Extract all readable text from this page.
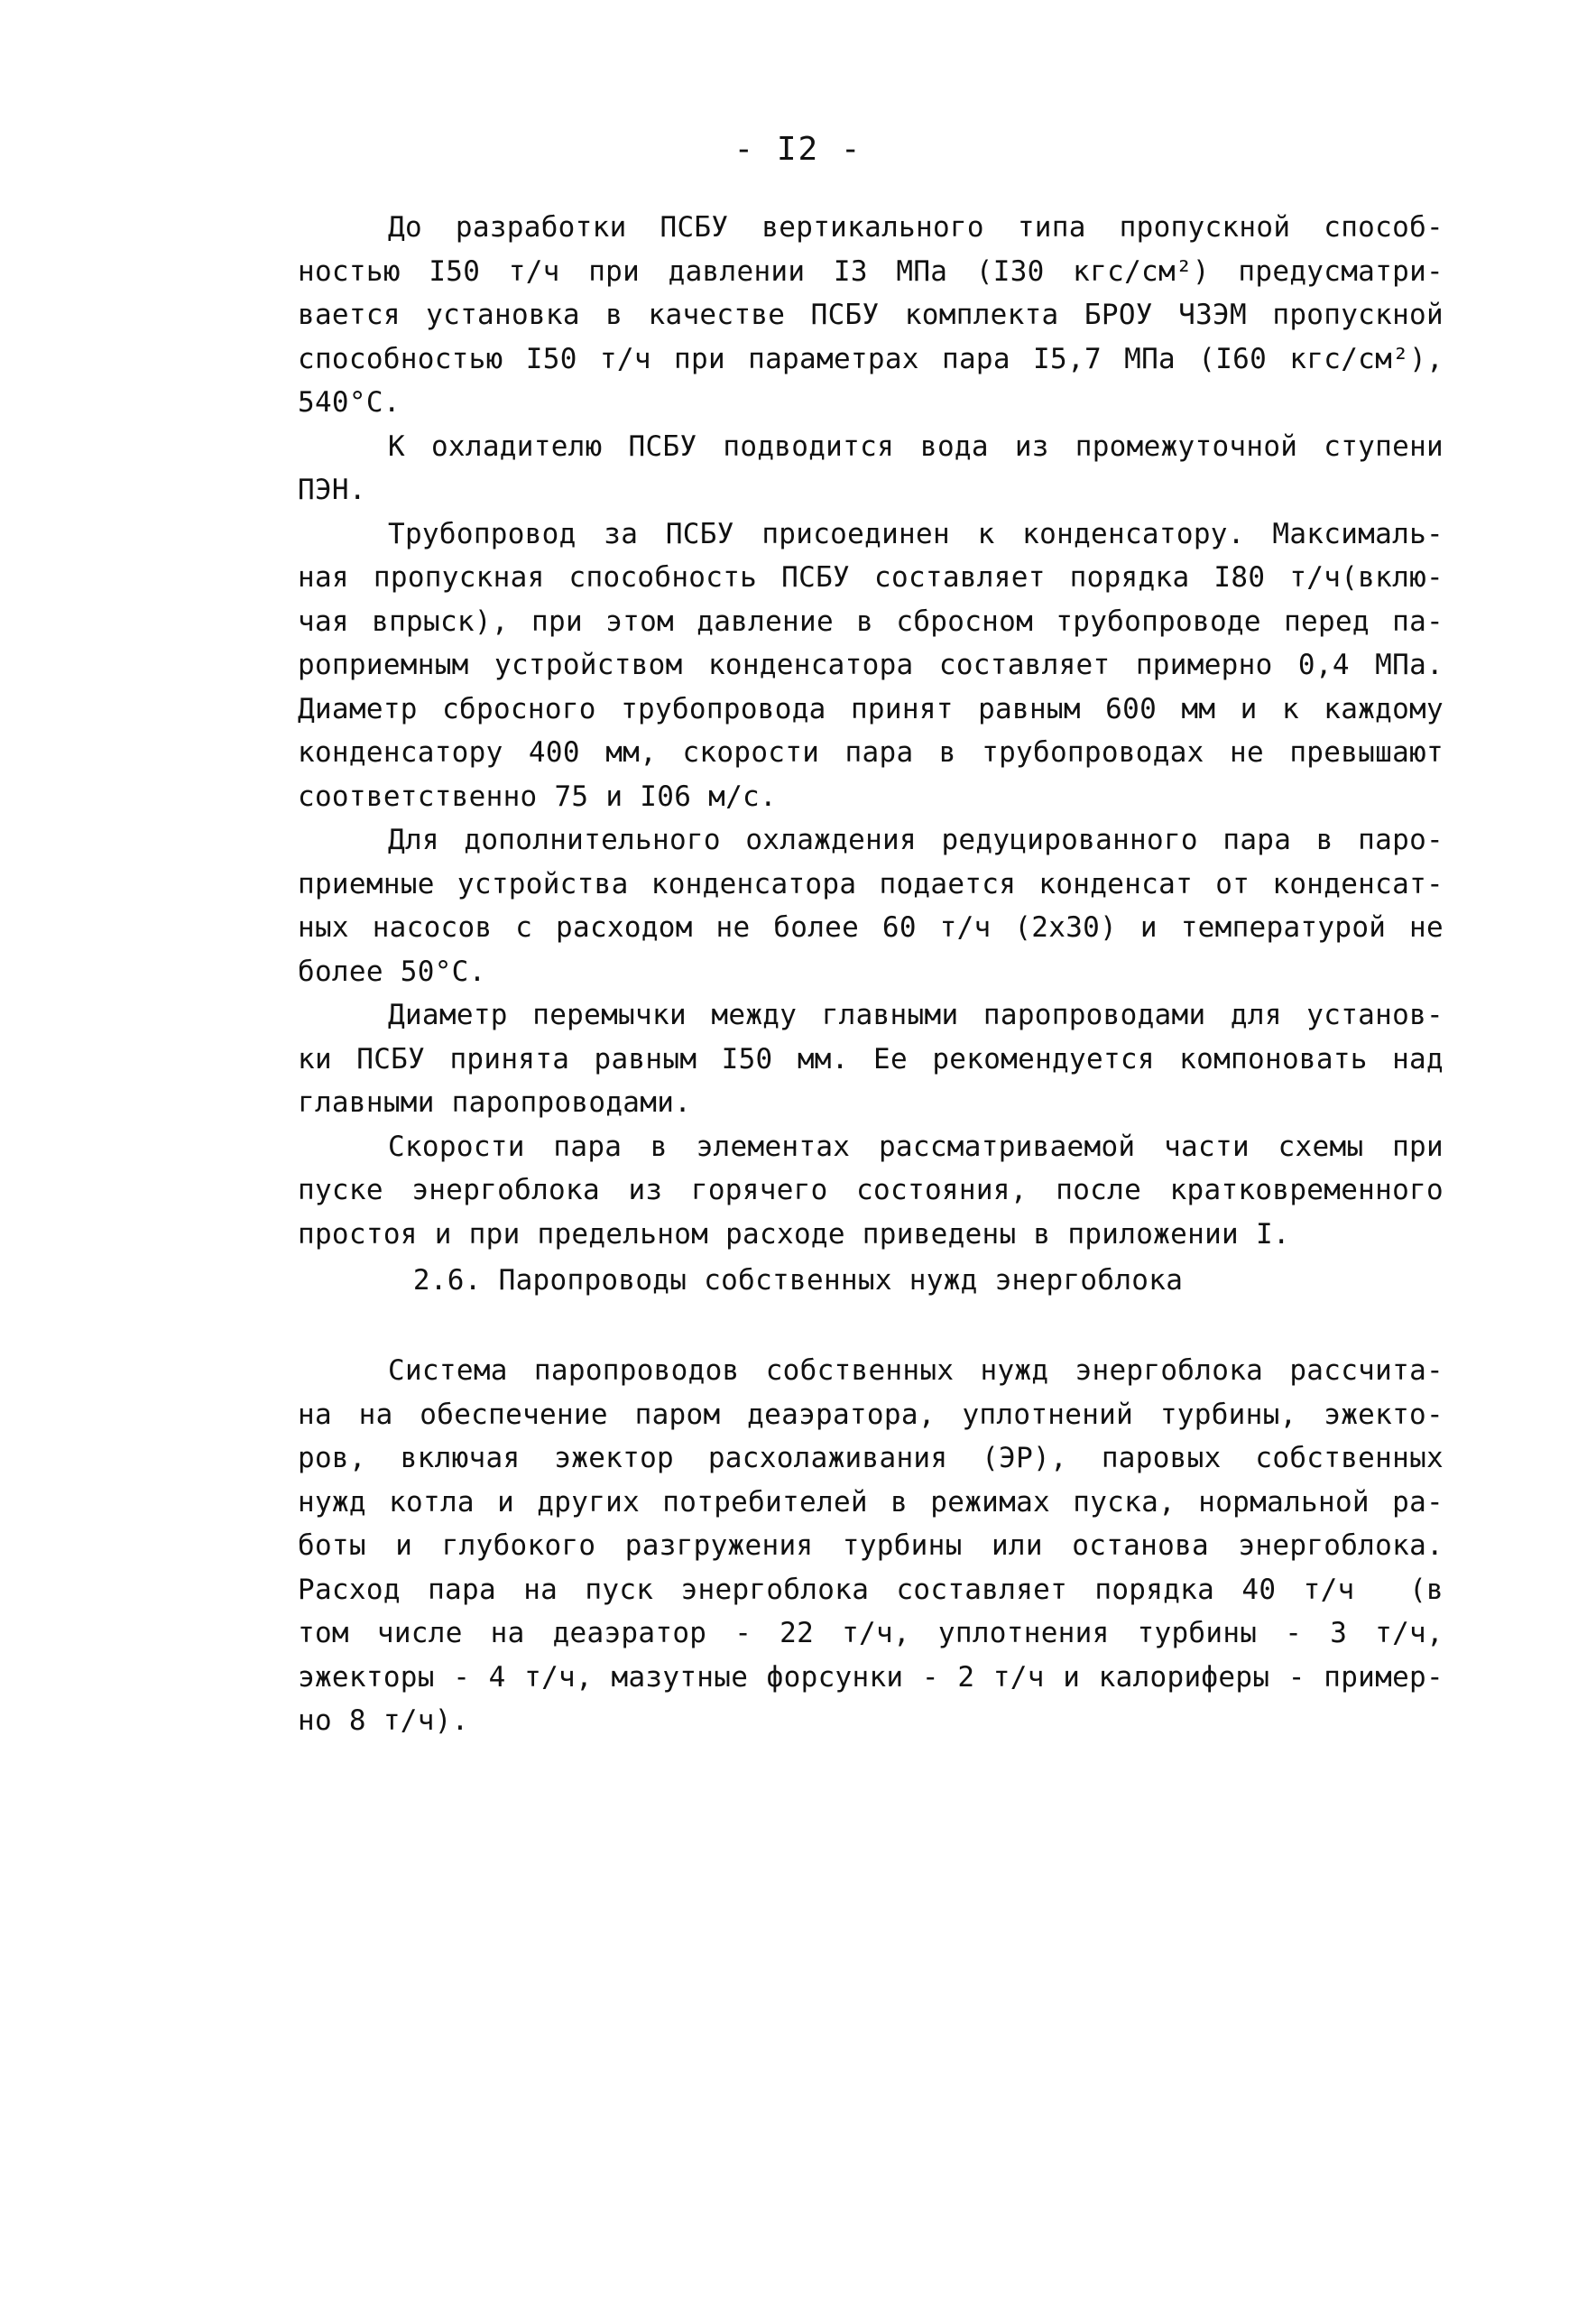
- I2 -
До разработки ПСБУ вертикального типа пропускной способ-
ностью I50 т/ч при давлении I3 МПа (I30 кгс/см²) предусматри-
вается установка в качестве ПСБУ комплекта БРОУ ЧЗЭМ пропускной
способностью I50 т/ч при параметрах пара I5,7 МПа (I60 кгс/см²),
540°С.
К охладителю ПСБУ подводится вода из промежуточной ступени
ПЭН.
Трубопровод за ПСБУ присоединен к конденсатору. Максималь-
ная пропускная способность ПСБУ составляет порядка I80 т/ч(вклю-
чая впрыск), при этом давление в сбросном трубопроводе перед па-
роприемным устройством конденсатора составляет примерно 0,4 МПа.
Диаметр сбросного трубопровода принят равным 600 мм и к каждому
конденсатору 400 мм, скорости пара в трубопроводах не превышают
соответственно 75 и I06 м/с.
Для дополнительного охлаждения редуцированного пара в паро-
приемные устройства конденсатора подается конденсат от конденсат-
ных насосов с расходом не более 60 т/ч (2х30) и температурой не
более 50°С.
Диаметр перемычки между главными паропроводами для установ-
ки ПСБУ принята равным I50 мм. Ее рекомендуется компоновать над
главными паропроводами.
Скорости пара в элементах рассматриваемой части схемы при
пуске энергоблока из горячего состояния, после кратковременного
простоя и при предельном расходе приведены в приложении I.
2.6. Паропроводы собственных нужд энергоблока
Система паропроводов собственных нужд энергоблока рассчита-
на на обеспечение паром деаэратора, уплотнений турбины, эжекто-
ров, включая эжектор расхолаживания (ЭР), паровых собственных
нужд котла и других потребителей в режимах пуска, нормальной ра-
боты и глубокого разгружения турбины или останова энергоблока.
Расход пара на пуск энергоблока составляет порядка 40 т/ч  (в
том числе на деаэратор - 22 т/ч, уплотнения турбины - 3 т/ч,
эжекторы - 4 т/ч, мазутные форсунки - 2 т/ч и калориферы - пример-
но 8 т/ч).
